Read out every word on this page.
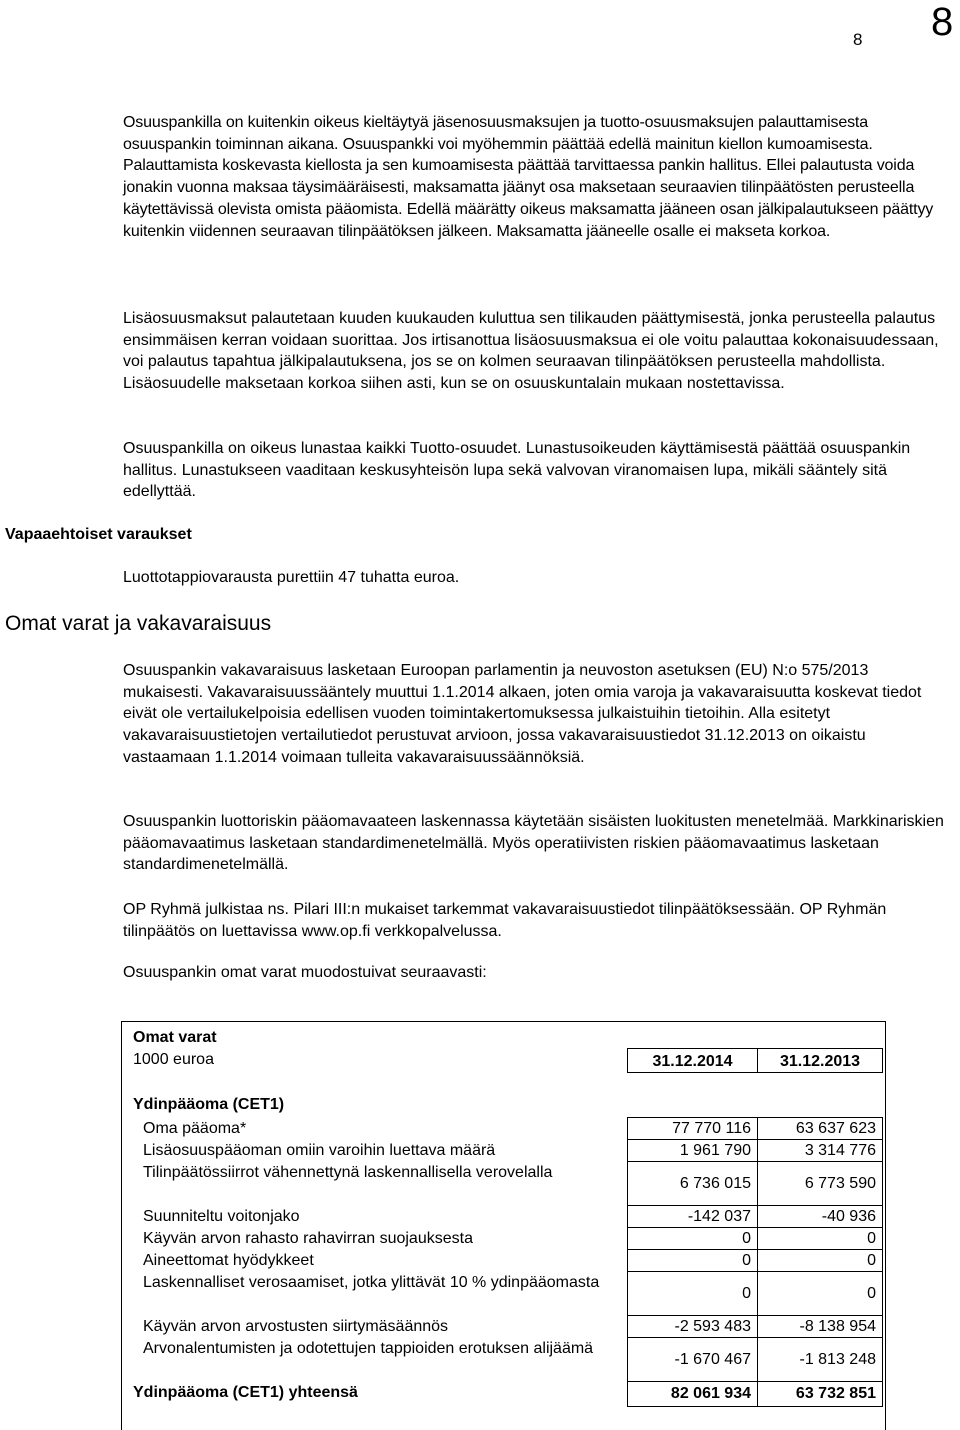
8 8

Osuuspankilla on kuitenkin oikeus kieltäytyä jäsenosuusmaksujen ja tuotto-osuusmaksujen palauttamisesta osuuspankin toiminnan aikana. Osuuspankki voi myöhemmin päättää edellä mainitun kiellon kumoamisesta. Palauttamista koskevasta kiellosta ja sen kumoamisesta päättää tarvittaessa pankin hallitus. Ellei palautusta voida jonakin vuonna maksaa täysimääräisesti, maksamatta jäänyt osa maksetaan seuraavien tilinpäätösten perusteella käytettävissä olevista omista pääomista. Edellä määrätty oikeus maksamatta jääneen osan jälkipalautukseen päättyy kuitenkin viidennen seuraavan tilinpäätöksen jälkeen. Maksamatta jääneelle osalle ei makseta korkoa.

Lisäosuusmaksut palautetaan kuuden kuukauden kuluttua sen tilikauden päättymisestä, jonka perusteella palautus ensimmäisen kerran voidaan suorittaa. Jos irtisanottua lisäosuusmaksua ei ole voitu palauttaa kokonaisuudessaan, voi palautus tapahtua jälkipalautuksena, jos se on kolmen seuraavan tilinpäätöksen perusteella mahdollista. Lisäosuudelle maksetaan korkoa siihen asti, kun se on osuuskuntalain mukaan nostettavissa.

Osuuspankilla on oikeus lunastaa kaikki Tuotto-osuudet. Lunastusoikeuden käyttämisestä päättää osuuspankin hallitus. Lunastukseen vaaditaan keskusyhteisön lupa sekä valvovan viranomaisen lupa, mikäli sääntely sitä edellyttää.

Vapaaehtoiset varaukset

Luottotappiovarausta purettiin 47 tuhatta euroa.

Omat varat ja vakavaraisuus

Osuuspankin vakavaraisuus lasketaan Euroopan parlamentin ja neuvoston asetuksen (EU) N:o 575/2013 mukaisesti. Vakavaraisuussääntely muuttui 1.1.2014 alkaen, joten omia varoja ja vakavaraisuutta koskevat tiedot eivät ole vertailukelpoisia edellisen vuoden toimintakertomuksessa julkaistuihin tietoihin. Alla esitetyt vakavaraisuustietojen vertailutiedot perustuvat arvioon, jossa vakavaraisuustiedot 31.12.2013 on oikaistu vastaamaan 1.1.2014 voimaan tulleita vakavaraisuussäännöksiä.

Osuuspankin luottoriskin pääomavaateen laskennassa käytetään sisäisten luokitusten menetelmää. Markkinariskien pääomavaatimus lasketaan standardimenetelmällä. Myös operatiivisten riskien pääomavaatimus lasketaan standardimenetelmällä.

OP Ryhmä julkistaa ns. Pilari III:n mukaiset tarkemmat vakavaraisuustiedot tilinpäätöksessään. OP Ryhmän tilinpäätös on luettavissa www.op.fi verkkopalvelussa.

Osuuspankin omat varat muodostuivat seuraavasti:

Omat varat
1000 euroa	31.12.2014	31.12.2013
Ydinpääoma (CET1)
Oma pääoma*	77 770 116	63 637 623
Lisäosuuspääoman omiin varoihin luettava määrä	1 961 790	3 314 776
Tilinpäätössiirrot vähennettynä laskennallisella verovelalla
6 736 015	6 773 590
Suunniteltu voitonjako	-142 037	-40 936
Käyvän arvon rahasto rahavirran suojauksesta	0	0
Aineettomat hyödykkeet	0	0
Laskennalliset verosaamiset, jotka ylittävät 10 % ydinpääomasta
0	0
Käyvän arvon arvostusten siirtymäsäännös	-2 593 483	-8 138 954
Arvonalentumisten ja odotettujen tappioiden erotuksen alijäämä
-1 670 467	-1 813 248
Ydinpääoma (CET1) yhteensä	82 061 934	63 732 851
